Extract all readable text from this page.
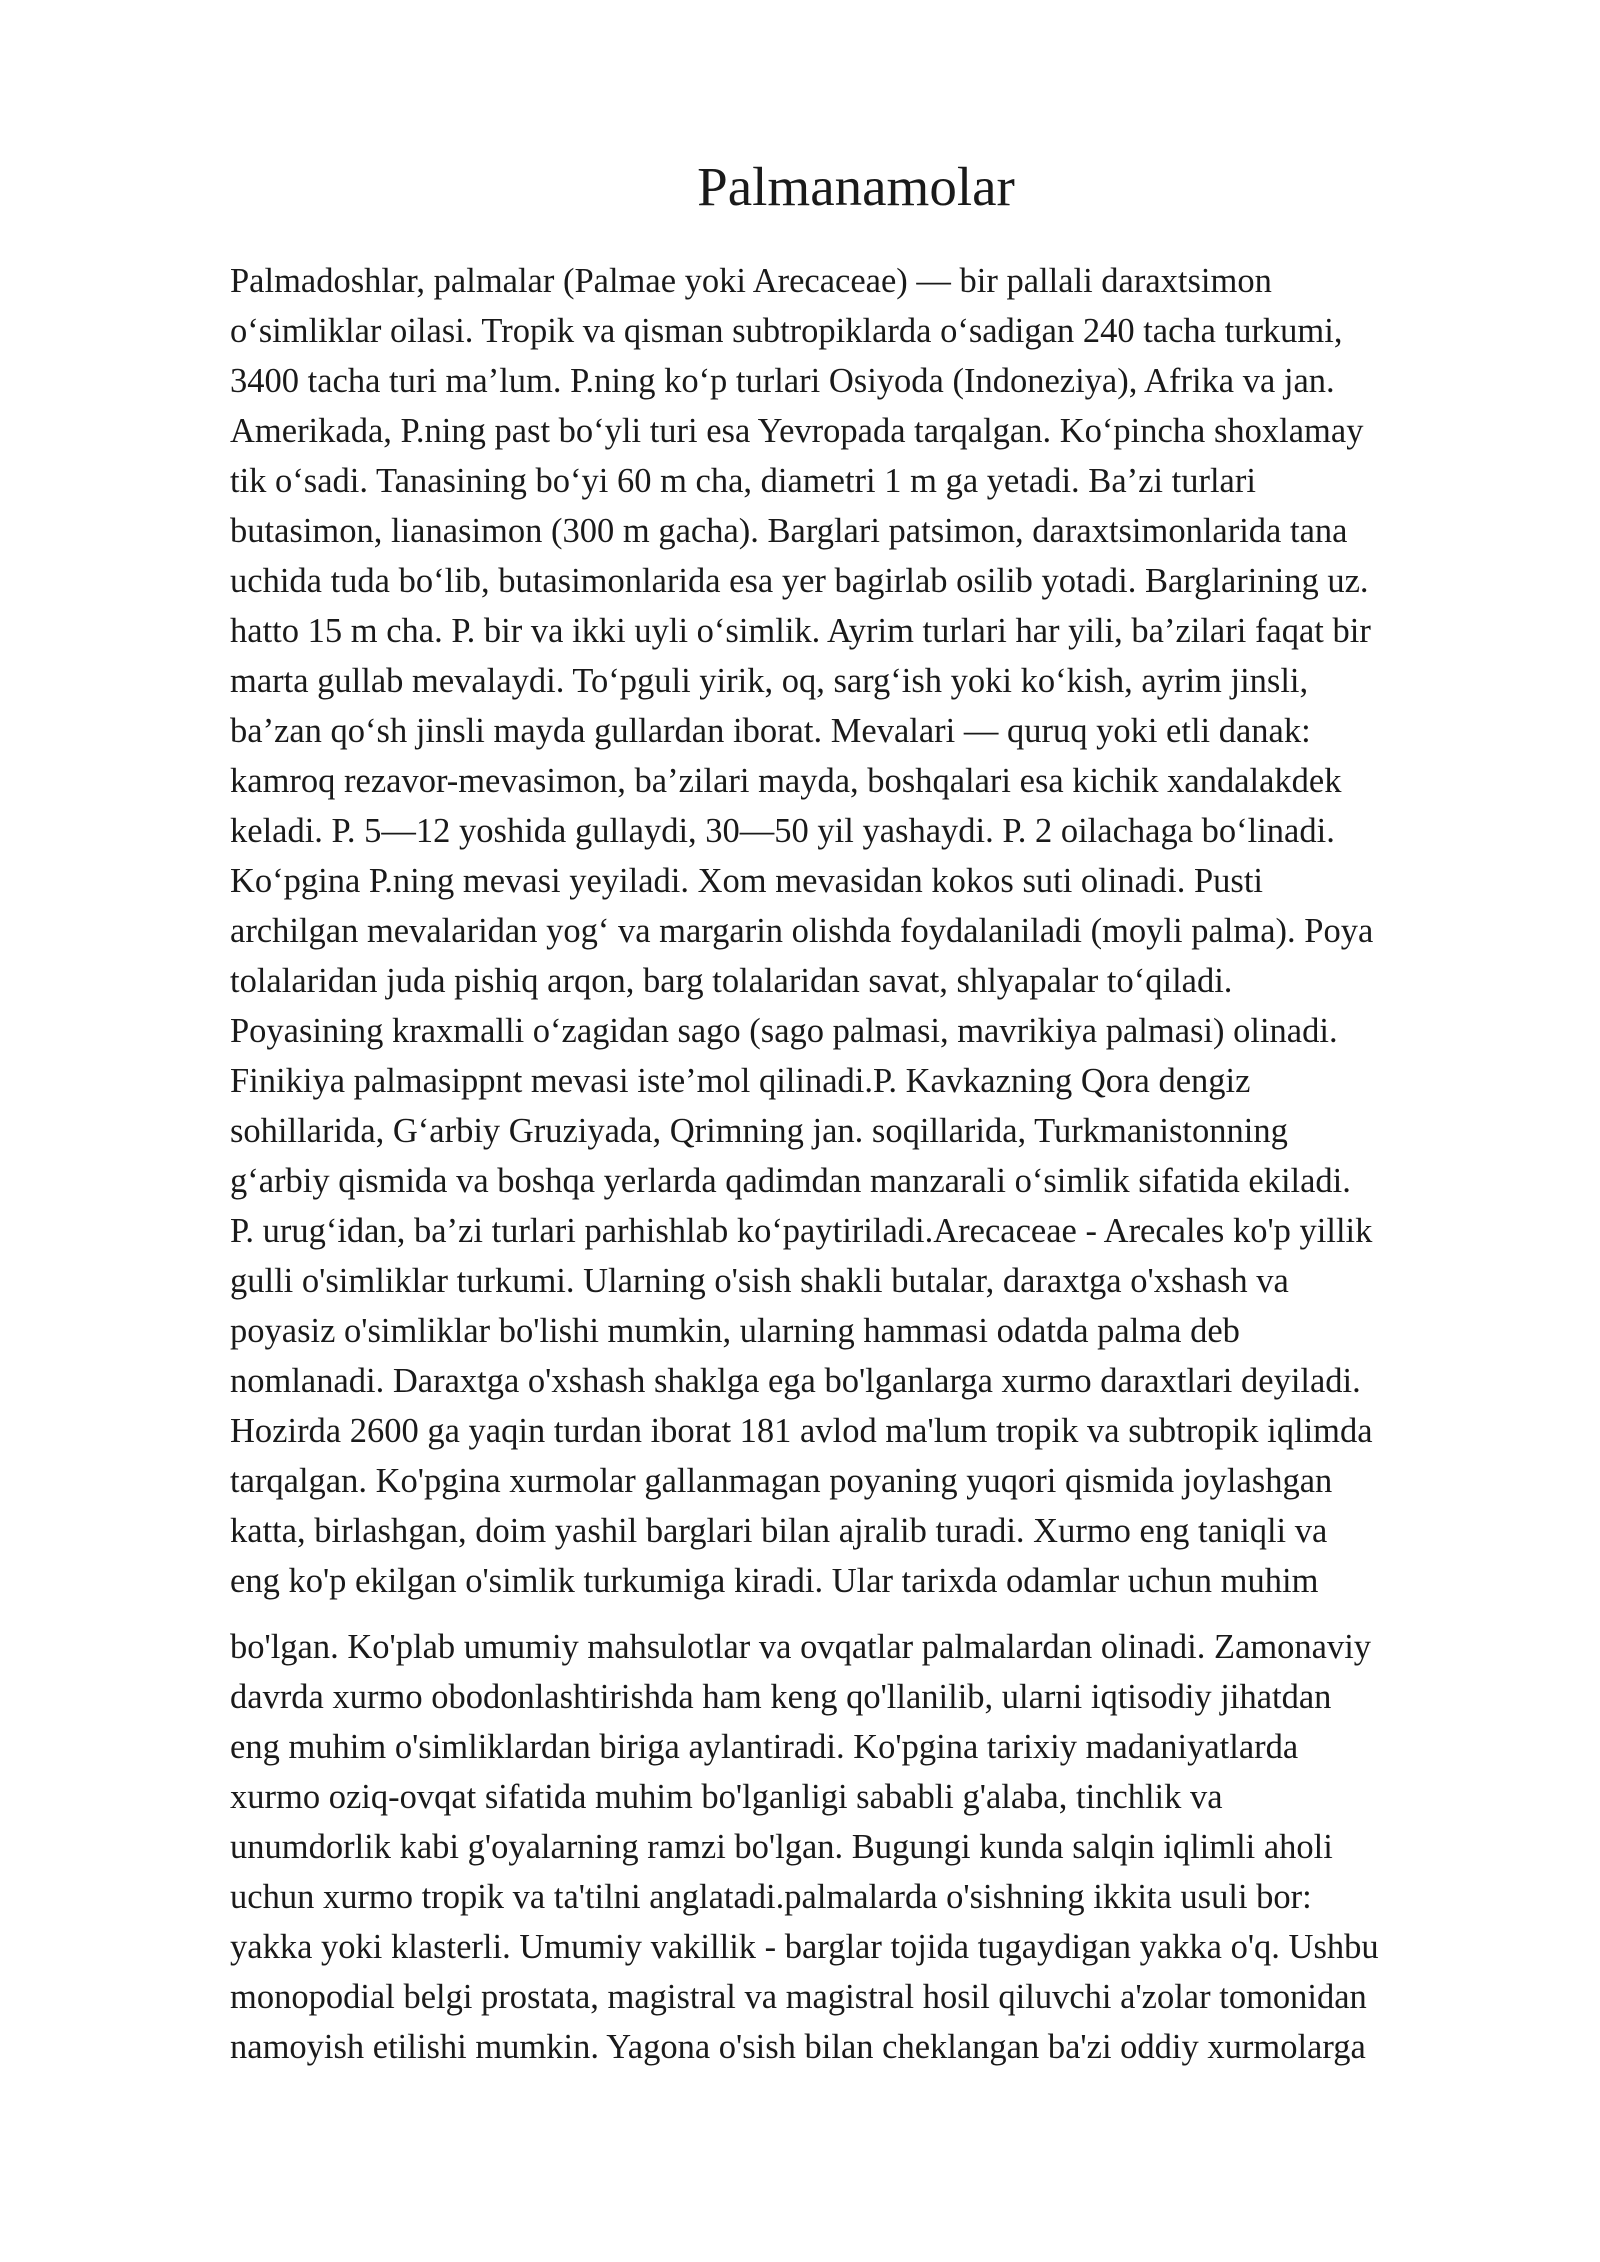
Palmanamolar

Palmadoshlar, palmalar (Palmae yoki Arecaceae) — bir pallali daraxtsimon
o‘simliklar oilasi. Tropik va qisman subtropiklarda o‘sadigan 240 tacha turkumi,
3400 tacha turi ma’lum. P.ning ko‘p turlari Osiyoda (Indoneziya), Afrika va jan.
Amerikada, P.ning past bo‘yli turi esa Yevropada tarqalgan. Ko‘pincha shoxlamay
tik o‘sadi. Tanasining bo‘yi 60 m cha, diametri 1 m ga yetadi. Ba’zi turlari
butasimon, lianasimon (300 m gacha). Barglari patsimon, daraxtsimonlarida tana
uchida tuda bo‘lib, butasimonlarida esa yer bagirlab osilib yotadi. Barglarining uz.
hatto 15 m cha. P. bir va ikki uyli o‘simlik. Ayrim turlari har yili, ba’zilari faqat bir
marta gullab mevalaydi. To‘pguli yirik, oq, sarg‘ish yoki ko‘kish, ayrim jinsli,
ba’zan qo‘sh jinsli mayda gullardan iborat. Mevalari — quruq yoki etli danak:
kamroq rezavor-mevasimon, ba’zilari mayda, boshqalari esa kichik xandalakdek
keladi. P. 5—12 yoshida gullaydi, 30—50 yil yashaydi. P. 2 oilachaga bo‘linadi.
Ko‘pgina P.ning mevasi yeyiladi. Xom mevasidan kokos suti olinadi. Pusti
archilgan mevalaridan yog‘ va margarin olishda foydalaniladi (moyli palma). Poya
tolalaridan juda pishiq arqon, barg tolalaridan savat, shlyapalar to‘qiladi.
Poyasining kraxmalli o‘zagidan sago (sago palmasi, mavrikiya palmasi) olinadi.
Finikiya palmasippnt mevasi iste’mol qilinadi.P. Kavkazning Qora dengiz
sohillarida, G‘arbiy Gruziyada, Qrimning jan. soqillarida, Turkmanistonning
g‘arbiy qismida va boshqa yerlarda qadimdan manzarali o‘simlik sifatida ekiladi.
P. urug‘idan, ba’zi turlari parhishlab ko‘paytiriladi.Arecaceae - Arecales ko'p yillik
gulli o'simliklar turkumi. Ularning o'sish shakli butalar, daraxtga o'xshash va
poyasiz o'simliklar bo'lishi mumkin, ularning hammasi odatda palma deb
nomlanadi. Daraxtga o'xshash shaklga ega bo'lganlarga xurmo daraxtlari deyiladi.
Hozirda 2600 ga yaqin turdan iborat 181 avlod ma'lum tropik va subtropik iqlimda
tarqalgan. Ko'pgina xurmolar gallanmagan poyaning yuqori qismida joylashgan
katta, birlashgan, doim yashil barglari bilan ajralib turadi. Xurmo eng taniqli va
eng ko'p ekilgan o'simlik turkumiga kiradi. Ular tarixda odamlar uchun muhim

bo'lgan. Ko'plab umumiy mahsulotlar va ovqatlar palmalardan olinadi. Zamonaviy
davrda xurmo obodonlashtirishda ham keng qo'llanilib, ularni iqtisodiy jihatdan
eng muhim o'simliklardan biriga aylantiradi. Ko'pgina tarixiy madaniyatlarda
xurmo oziq-ovqat sifatida muhim bo'lganligi sababli g'alaba, tinchlik va
unumdorlik kabi g'oyalarning ramzi bo'lgan. Bugungi kunda salqin iqlimli aholi
uchun xurmo tropik va ta'tilni anglatadi.palmalarda o'sishning ikkita usuli bor:
yakka yoki klasterli. Umumiy vakillik - barglar tojida tugaydigan yakka o'q. Ushbu
monopodial belgi prostata, magistral va magistral hosil qiluvchi a'zolar tomonidan
namoyish etilishi mumkin. Yagona o'sish bilan cheklangan ba'zi oddiy xurmolarga
